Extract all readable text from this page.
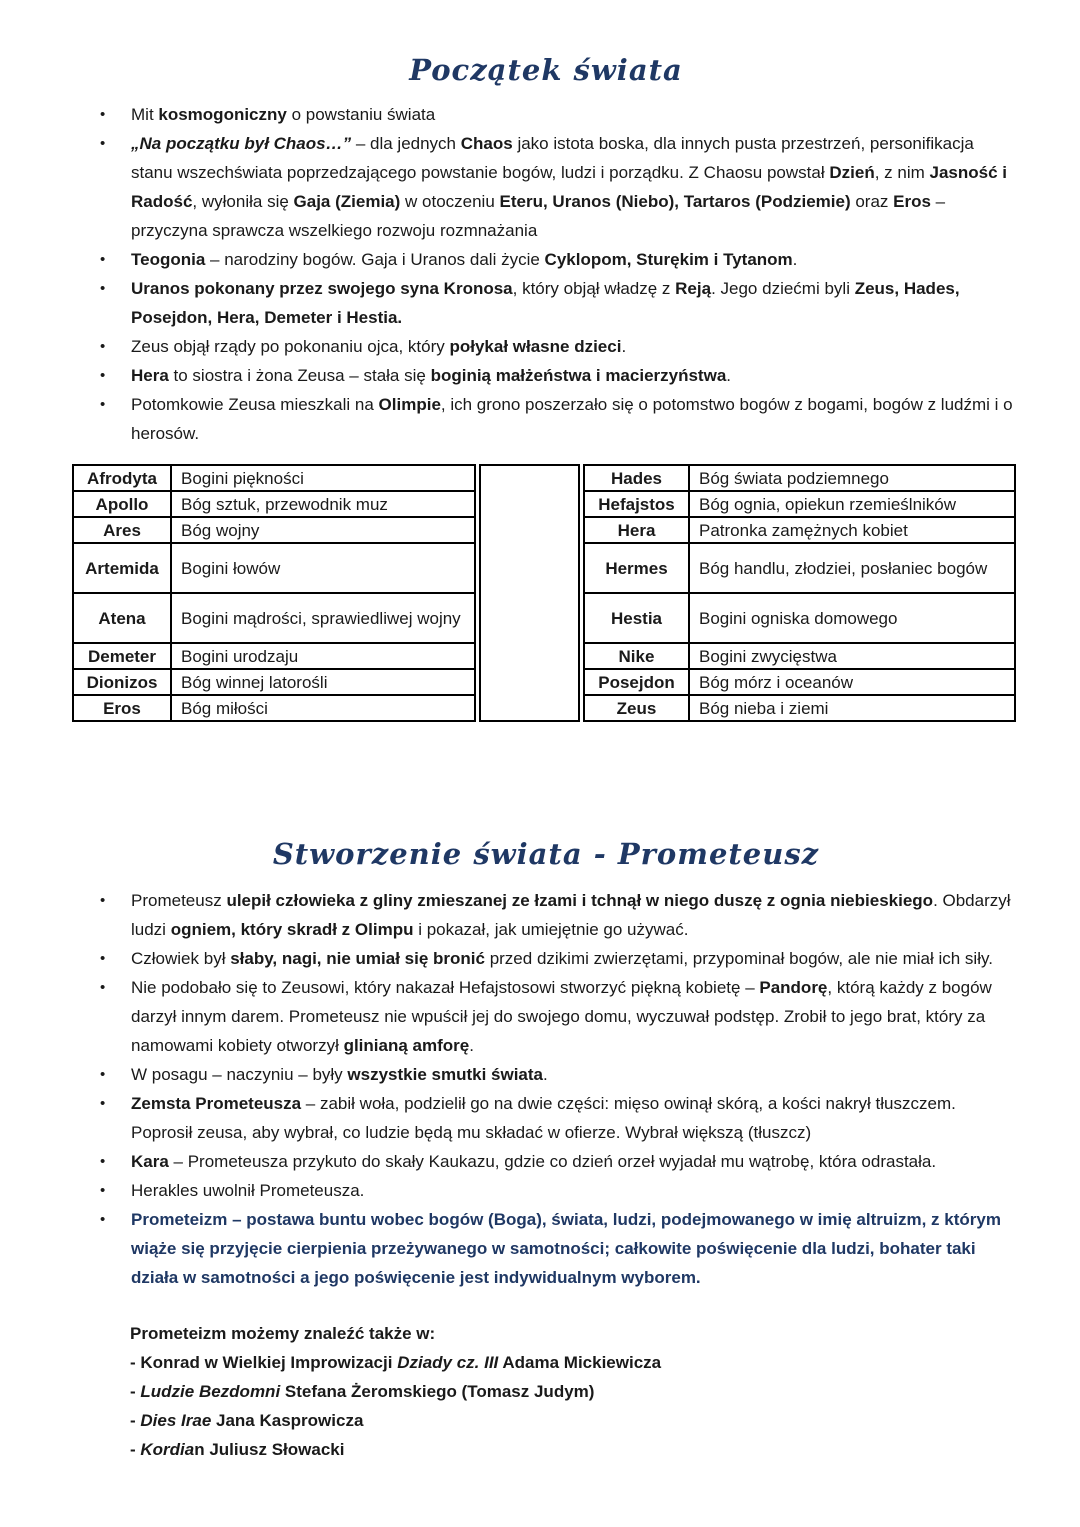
Początek świata
•	Mit kosmogoniczny o powstaniu świata
•	„Na początku był Chaos…” – dla jednych Chaos jako istota boska, dla innych pusta przestrzeń, personifikacja stanu wszechświata poprzedzającego powstanie bogów, ludzi i porządku. Z Chaosu powstał Dzień, z nim Jasność i Radość, wyłoniła się Gaja (Ziemia) w otoczeniu Eteru, Uranos (Niebo), Tartaros (Podziemie) oraz Eros – przyczyna sprawcza wszelkiego rozwoju rozmnażania
•	Teogonia – narodziny bogów. Gaja i Uranos dali życie Cyklopom, Sturękim i Tytanom.
•	Uranos pokonany przez swojego syna Kronosa, który objął władzę z Reją. Jego dziećmi byli Zeus, Hades, Posejdon, Hera, Demeter i Hestia.
•	Zeus objął rządy po pokonaniu ojca, który połykał własne dzieci.
•	Hera to siostra i żona Zeusa – stała się boginią małżeństwa i macierzyństwa.
•	Potomkowie Zeusa mieszkali na Olimpie, ich grono poszerzało się o potomstwo bogów z bogami, bogów z ludźmi i o herosów.
Afrodyta	Bogini piękności
Apollo	Bóg sztuk, przewodnik muz
Ares	Bóg wojny
Artemida	Bogini łowów
Atena	Bogini mądrości, sprawiedliwej wojny
Demeter	Bogini urodzaju
Dionizos	Bóg winnej latorośli
Eros	Bóg miłości
Hades	Bóg świata podziemnego
Hefajstos	Bóg ognia, opiekun rzemieślników
Hera	Patronka zamężnych kobiet
Hermes	Bóg handlu, złodziei, posłaniec bogów
Hestia	Bogini ogniska domowego
Nike	Bogini zwycięstwa
Posejdon	Bóg mórz i oceanów
Zeus	Bóg nieba i ziemi
Stworzenie świata - Prometeusz
•	Prometeusz ulepił człowieka z gliny zmieszanej ze łzami i tchnął w niego duszę z ognia niebieskiego. Obdarzył ludzi ogniem, który skradł z Olimpu i pokazał, jak umiejętnie go używać.
•	Człowiek był słaby, nagi, nie umiał się bronić przed dzikimi zwierzętami, przypominał bogów, ale nie miał ich siły.
•	Nie podobało się to Zeusowi, który nakazał Hefajstosowi stworzyć piękną kobietę – Pandorę, którą każdy z bogów darzył innym darem. Prometeusz nie wpuścił jej do swojego domu, wyczuwał podstęp. Zrobił to jego brat, który za namowami kobiety otworzył glinianą amforę.
•	W posagu – naczyniu – były wszystkie smutki świata.
•	Zemsta Prometeusza – zabił woła, podzielił go na dwie części: mięso owinął skórą, a kości nakrył tłuszczem. Poprosił zeusa, aby wybrał, co ludzie będą mu składać w ofierze. Wybrał większą (tłuszcz)
•	Kara – Prometeusza przykuto do skały Kaukazu, gdzie co dzień orzeł wyjadał mu wątrobę, która odrastała.
•	Herakles uwolnił Prometeusza.
•	Prometeizm – postawa buntu wobec bogów (Boga), świata, ludzi, podejmowanego w imię altruizm, z którym wiąże się przyjęcie cierpienia przeżywanego w samotności; całkowite poświęcenie dla ludzi, bohater taki działa w samotności a jego poświęcenie jest indywidualnym wyborem.
Prometeizm możemy znaleźć także w:
- Konrad w Wielkiej Improwizacji Dziady cz. III Adama Mickiewicza
- Ludzie Bezdomni Stefana Żeromskiego (Tomasz Judym)
- Dies Irae Jana Kasprowicza
- Kordian Juliusz Słowacki
